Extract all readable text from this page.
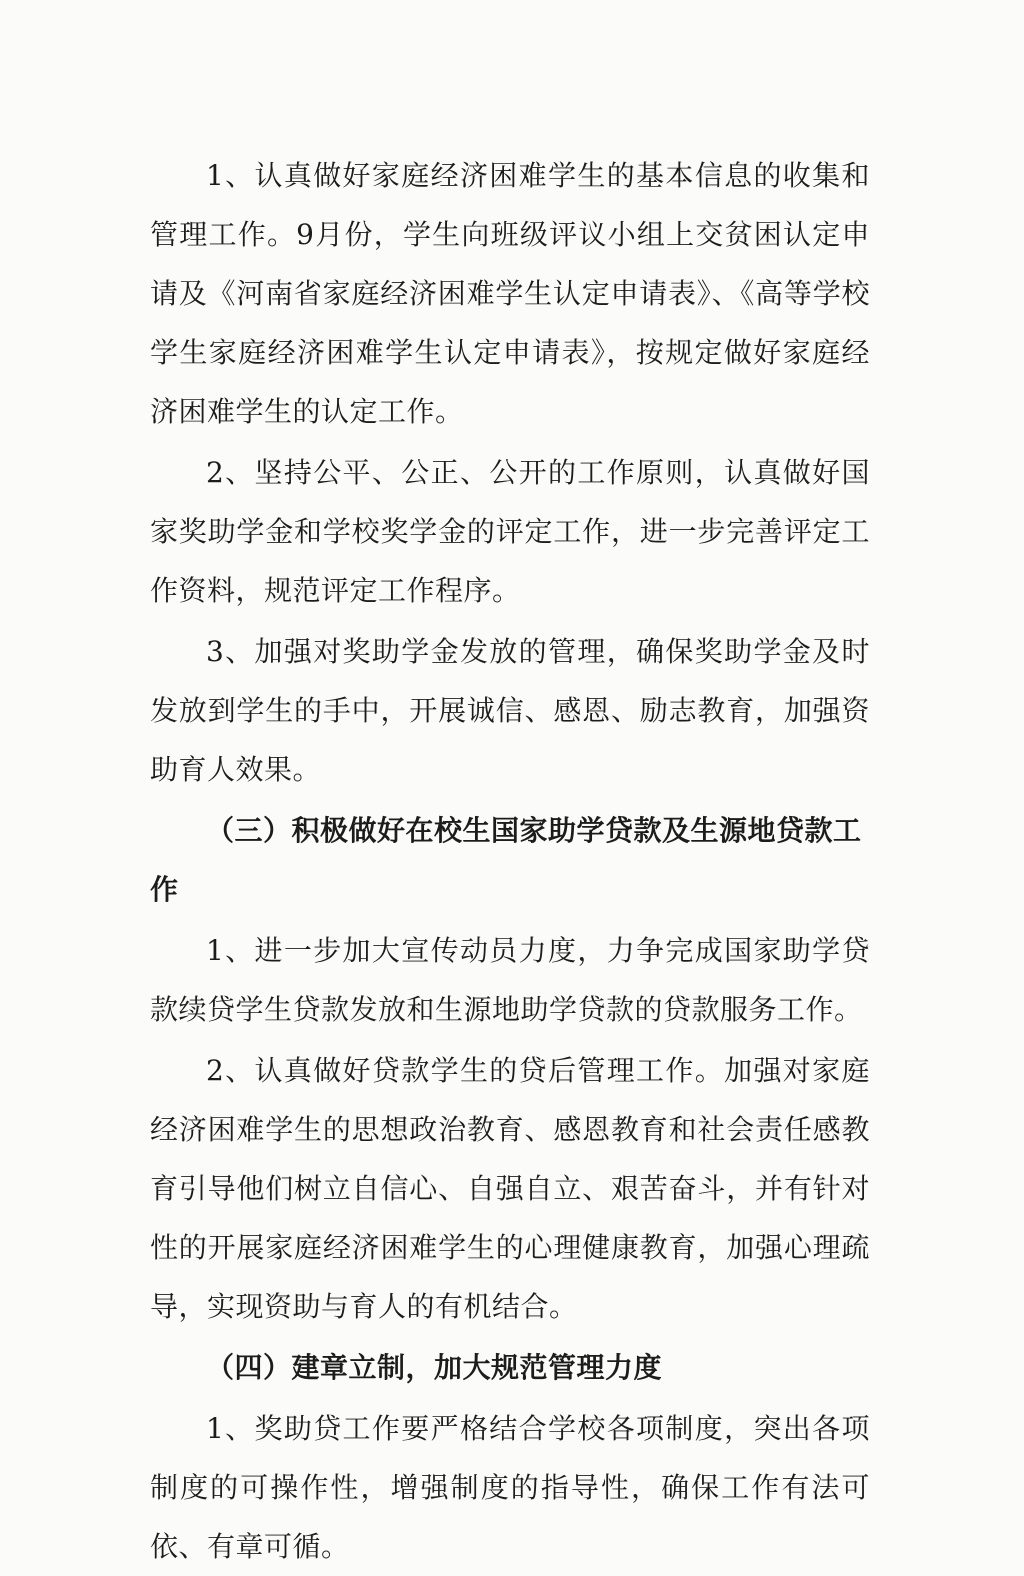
1、认真做好家庭经济困难学生的基本信息的收集和管理工作。9月份，学生向班级评议小组上交贫困认定申请及《河南省家庭经济困难学生认定申请表》、《高等学校学生家庭经济困难学生认定申请表》，按规定做好家庭经济困难学生的认定工作。

2、坚持公平、公正、公开的工作原则，认真做好国家奖助学金和学校奖学金的评定工作，进一步完善评定工作资料，规范评定工作程序。

3、加强对奖助学金发放的管理，确保奖助学金及时发放到学生的手中，开展诚信、感恩、励志教育，加强资助育人效果。

（三）积极做好在校生国家助学贷款及生源地贷款工作

1、进一步加大宣传动员力度，力争完成国家助学贷款续贷学生贷款发放和生源地助学贷款的贷款服务工作。

2、认真做好贷款学生的贷后管理工作。加强对家庭经济困难学生的思想政治教育、感恩教育和社会责任感教育引导他们树立自信心、自强自立、艰苦奋斗，并有针对性的开展家庭经济困难学生的心理健康教育，加强心理疏导，实现资助与育人的有机结合。

（四）建章立制，加大规范管理力度

1、奖助贷工作要严格结合学校各项制度，突出各项制度的可操作性，增强制度的指导性，确保工作有法可依、有章可循。
